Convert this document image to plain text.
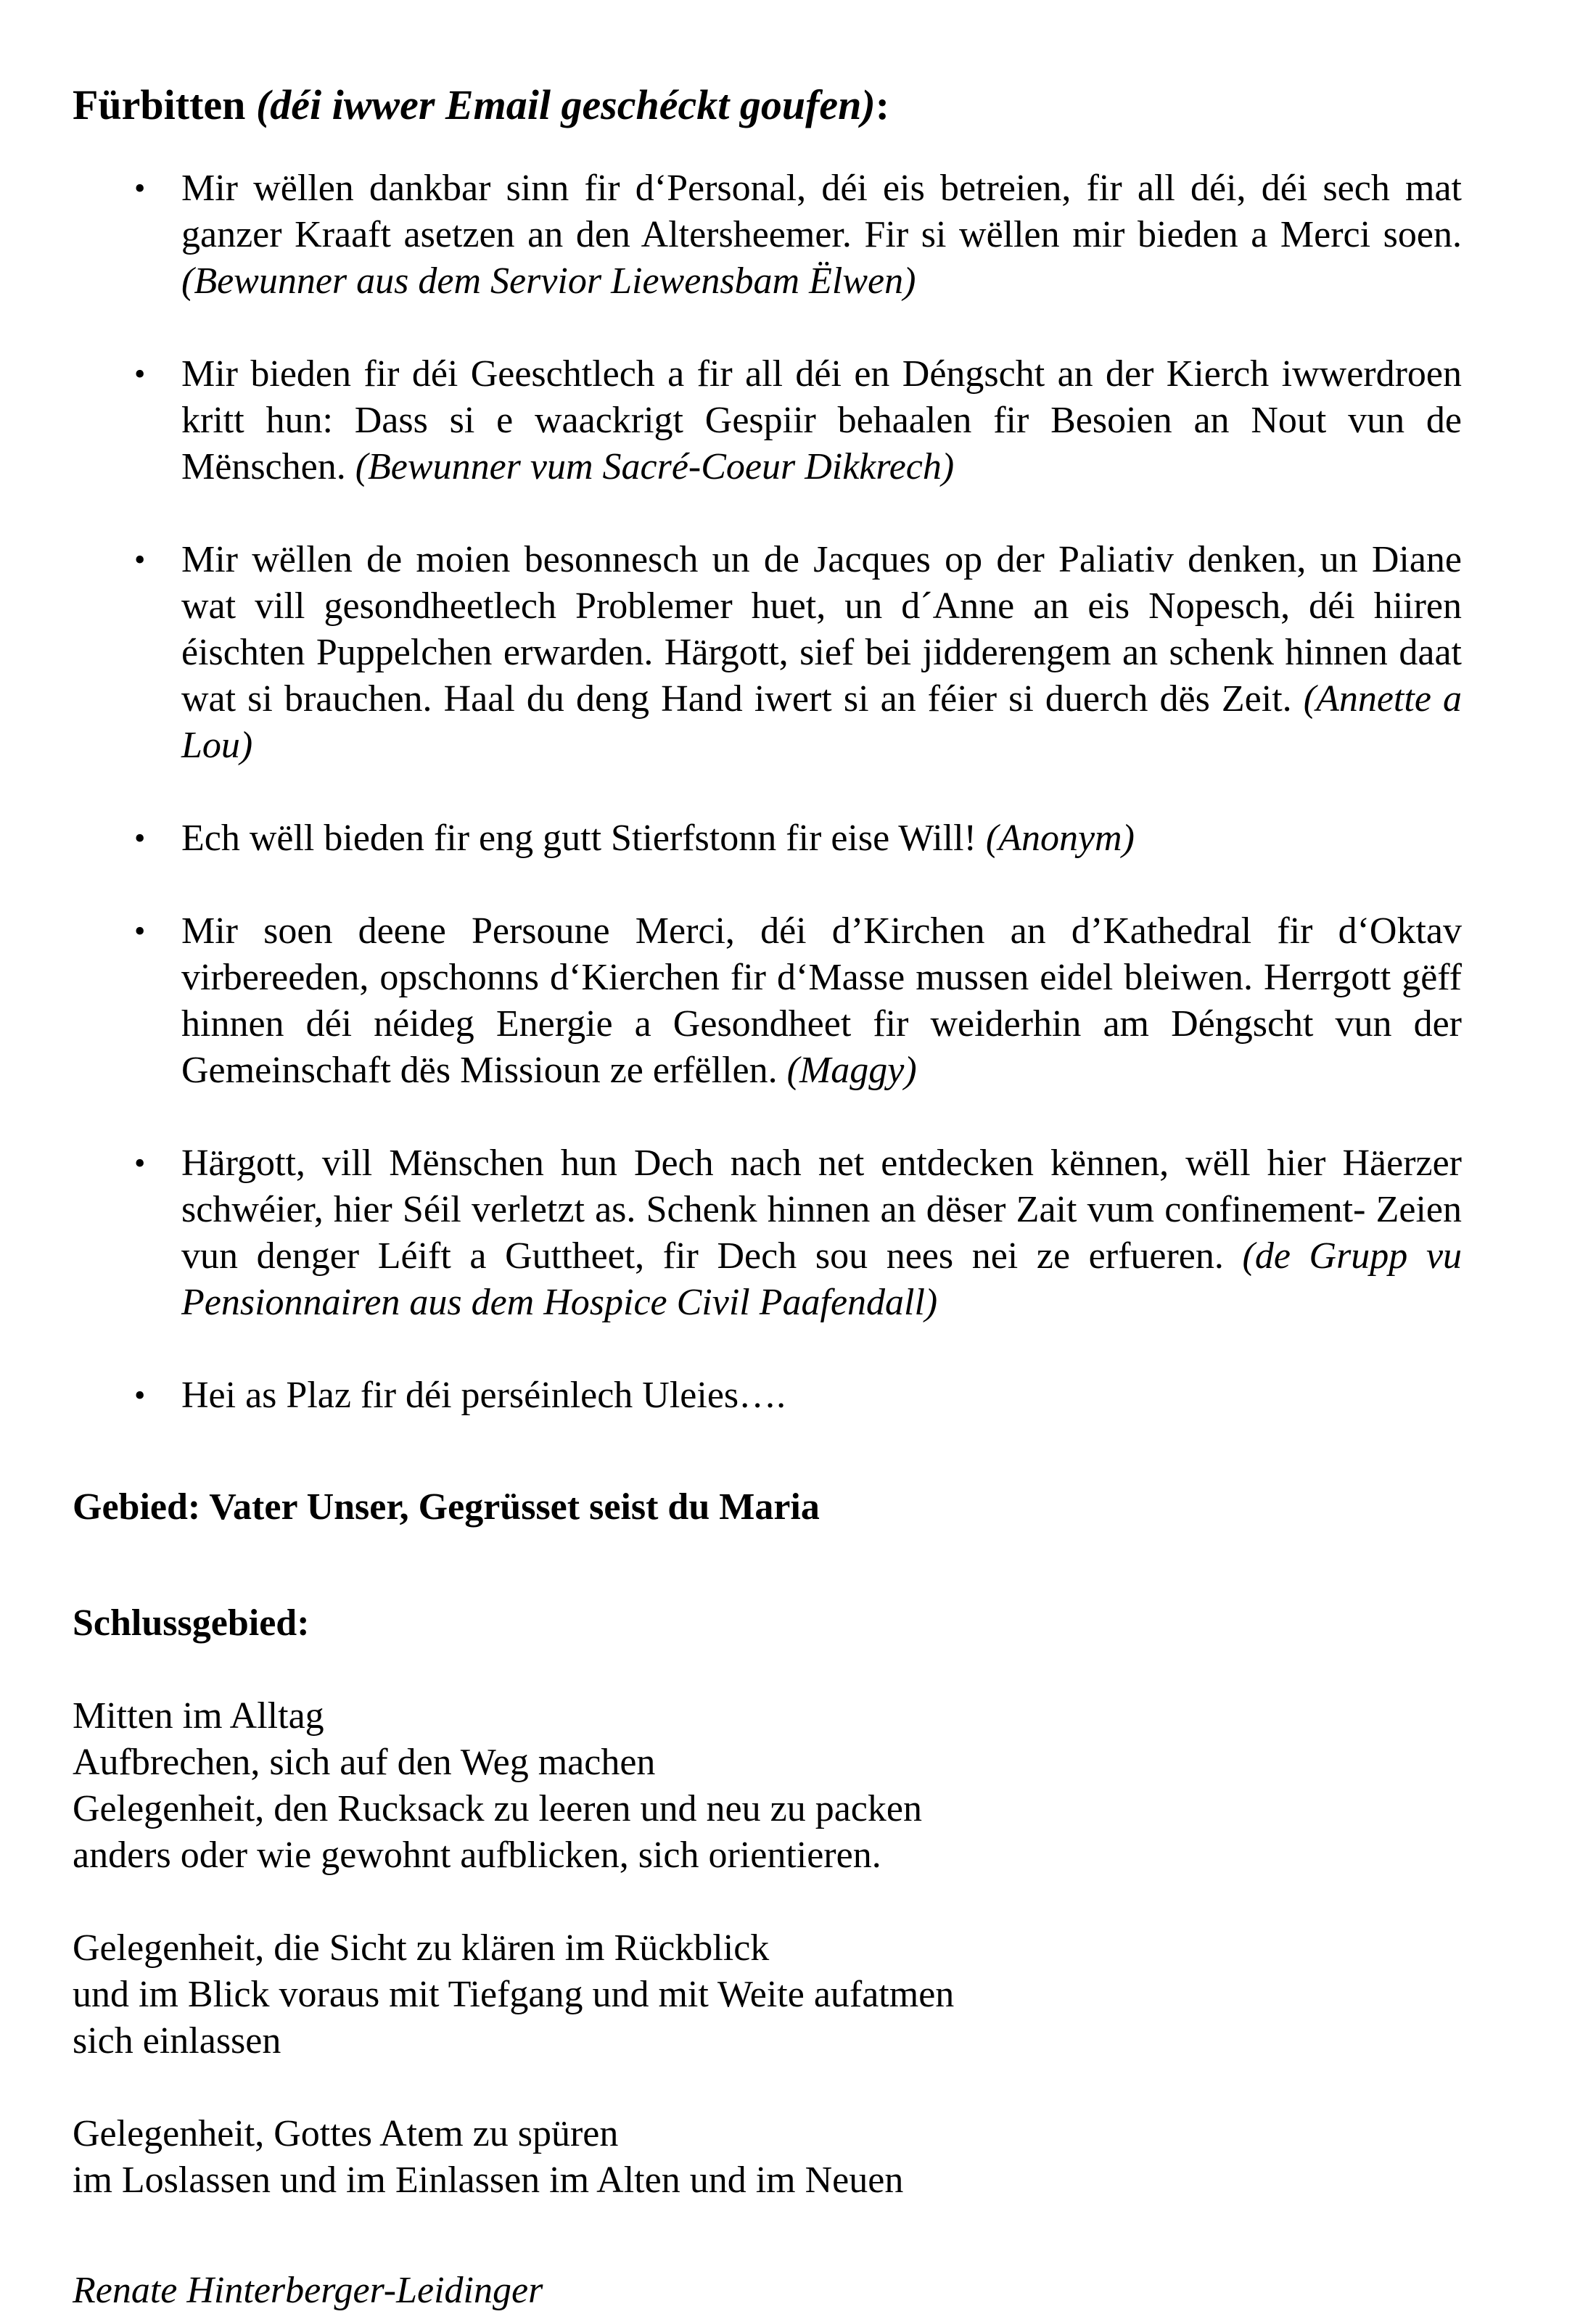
Fürbitten (déi iwwer Email geschéckt goufen):
• Mir wëllen dankbar sinn fir d‘Personal, déi eis betreien, fir all déi, déi sech mat ganzer Kraaft asetzen an den Altersheemer. Fir si wëllen mir bieden a Merci soen. (Bewunner aus dem Servior Liewensbam Ëlwen)
• Mir bieden fir déi Geeschtlech a fir all déi en Déngscht an der Kierch iwwerdroen kritt hun: Dass si e waackrigt Gespiir behaalen fir Besoien an Nout vun de Mënschen. (Bewunner vum Sacré-Coeur Dikkrech)
• Mir wëllen de moien besonnesch un de Jacques op der Paliativ denken, un Diane wat vill gesondheetlech Problemer huet, un d´Anne an eis Nopesch, déi hiiren éischten Puppelchen erwarden. Härgott, sief bei jidderengem an schenk hinnen daat wat si brauchen. Haal du deng Hand iwert si an féier si duerch dës Zeit. (Annette a Lou)
• Ech wëll bieden fir eng gutt Stierfstonn fir eise Will! (Anonym)
• Mir soen deene Persoune Merci, déi d’Kirchen an d’Kathedral fir d‘Oktav virbereeden, opschonns d‘Kierchen fir d‘Masse mussen eidel bleiwen. Herrgott gëff hinnen déi néideg Energie a Gesondheet fir weiderhin am Déngscht vun der Gemeinschaft dës Missioun ze erfëllen. (Maggy)
• Härgott, vill Mënschen hun Dech nach net entdecken kënnen, wëll hier Häerzer schwéier, hier Séil verletzt as. Schenk hinnen an dëser Zait vum confinement- Zeien vun denger Léift a Guttheet, fir Dech sou nees nei ze erfueren. (de Grupp vu Pensionnairen aus dem Hospice Civil Paafendall)
• Hei as Plaz fir déi perséinlech Uleies….

Gebied: Vater Unser, Gegrüsset seist du Maria

Schlussgebied:

Mitten im Alltag
Aufbrechen, sich auf den Weg machen
Gelegenheit, den Rucksack zu leeren und neu zu packen
anders oder wie gewohnt aufblicken, sich orientieren.
Gelegenheit, die Sicht zu klären im Rückblick
und im Blick voraus mit Tiefgang und mit Weite aufatmen
sich einlassen
Gelegenheit, Gottes Atem zu spüren
im Loslassen und im Einlassen im Alten und im Neuen

Renate Hinterberger-Leidinger
